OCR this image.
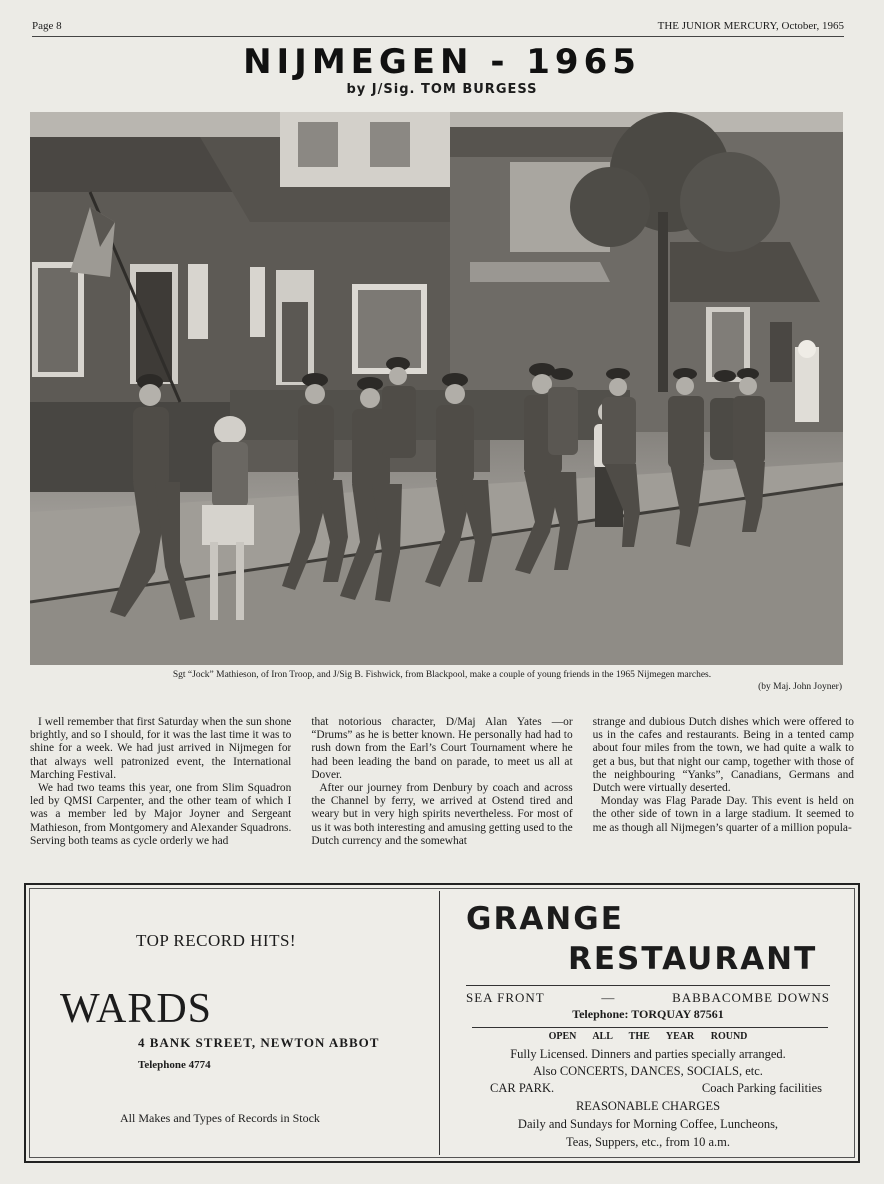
Page 8	THE JUNIOR MERCURY, October, 1965
NIJMEGEN - 1965
by J/Sig. TOM BURGESS
Sgt “Jock” Mathieson, of Iron Troop, and J/Sig B. Fishwick, from Blackpool, make a couple of young friends in the 1965 Nijmegen marches.
(by Maj. John Joyner)

I well remember that first Saturday when the sun shone brightly, and so I should, for it was the last time it was to shine for a week. We had just arrived in Nijmegen for that always well patronized event, the International Marching Festival.

We had two teams this year, one from Slim Squadron led by QMSI Carpenter, and the other team of which I was a member led by Major Joyner and Sergeant Mathieson, from Montgomery and Alexander Squadrons. Serving both teams as cycle orderly we had

that notorious character, D/Maj Alan Yates —or “Drums” as he is better known. He personally had had to rush down from the Earl’s Court Tournament where he had been leading the band on parade, to meet us all at Dover.

After our journey from Denbury by coach and across the Channel by ferry, we arrived at Ostend tired and weary but in very high spirits nevertheless. For most of us it was both interesting and amusing getting used to the Dutch currency and the somewhat

strange and dubious Dutch dishes which were offered to us in the cafes and restaurants. Being in a tented camp about four miles from the town, we had quite a walk to get a bus, but that night our camp, together with those of the neighbouring “Yanks”, Canadians, Germans and Dutch were virtually deserted.

Monday was Flag Parade Day. This event is held on the other side of town in a large stadium. It seemed to me as though all Nijmegen’s quarter of a million popula-

TOP RECORD HITS!
WARDS
4 BANK STREET, NEWTON ABBOT
Telephone 4774
All Makes and Types of Records in Stock
GRANGE
RESTAURANT
SEA FRONT	—	BABBACOMBE DOWNS
Telephone: TORQUAY 87561
OPEN ALL THE YEAR ROUND
Fully Licensed. Dinners and parties specially arranged.
Also CONCERTS, DANCES, SOCIALS, etc.
CAR PARK.	Coach Parking facilities
REASONABLE CHARGES
Daily and Sundays for Morning Coffee, Luncheons,
Teas, Suppers, etc., from 10 a.m.
